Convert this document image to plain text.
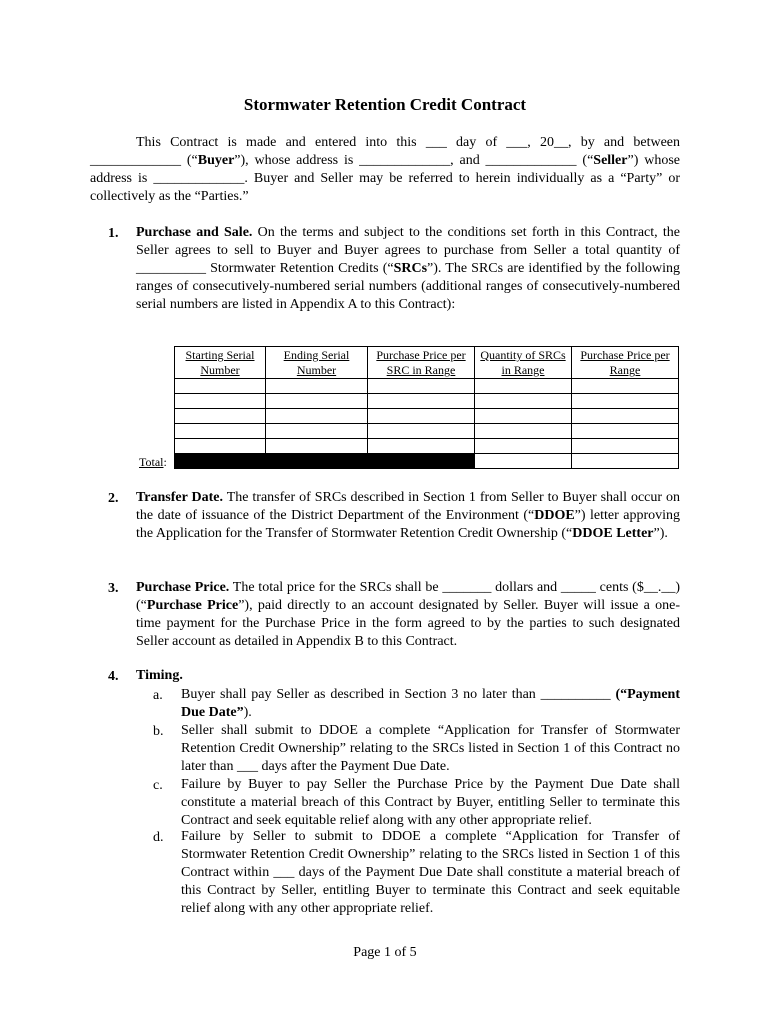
Stormwater Retention Credit Contract
This Contract is made and entered into this ___ day of ___, 20__, by and between _____________ (“Buyer”), whose address is _____________, and _____________ (“Seller”) whose address is _____________. Buyer and Seller may be referred to herein individually as a “Party” or collectively as the “Parties.”
1. Purchase and Sale. On the terms and subject to the conditions set forth in this Contract, the Seller agrees to sell to Buyer and Buyer agrees to purchase from Seller a total quantity of __________ Stormwater Retention Credits (“SRCs”). The SRCs are identified by the following ranges of consecutively-numbered serial numbers (additional ranges of consecutively-numbered serial numbers are listed in Appendix A to this Contract):
Starting Serial Number	Ending Serial Number	Purchase Price per SRC in Range	Quantity of SRCs in Range	Purchase Price per Range

Total:
2. Transfer Date. The transfer of SRCs described in Section 1 from Seller to Buyer shall occur on the date of issuance of the District Department of the Environment (“DDOE”) letter approving the Application for the Transfer of Stormwater Retention Credit Ownership (“DDOE Letter”).
3. Purchase Price. The total price for the SRCs shall be _______ dollars and _____ cents ($__.__) (“Purchase Price”), paid directly to an account designated by Seller. Buyer will issue a one-time payment for the Purchase Price in the form agreed to by the parties to such designated Seller account as detailed in Appendix B to this Contract.
4. Timing.
a. Buyer shall pay Seller as described in Section 3 no later than __________ (“Payment Due Date”).
b. Seller shall submit to DDOE a complete “Application for Transfer of Stormwater Retention Credit Ownership” relating to the SRCs listed in Section 1 of this Contract no later than ___ days after the Payment Due Date.
c. Failure by Buyer to pay Seller the Purchase Price by the Payment Due Date shall constitute a material breach of this Contract by Buyer, entitling Seller to terminate this Contract and seek equitable relief along with any other appropriate relief.
d. Failure by Seller to submit to DDOE a complete “Application for Transfer of Stormwater Retention Credit Ownership” relating to the SRCs listed in Section 1 of this Contract within ___ days of the Payment Due Date shall constitute a material breach of this Contract by Seller, entitling Buyer to terminate this Contract and seek equitable relief along with any other appropriate relief.
Page 1 of 5
